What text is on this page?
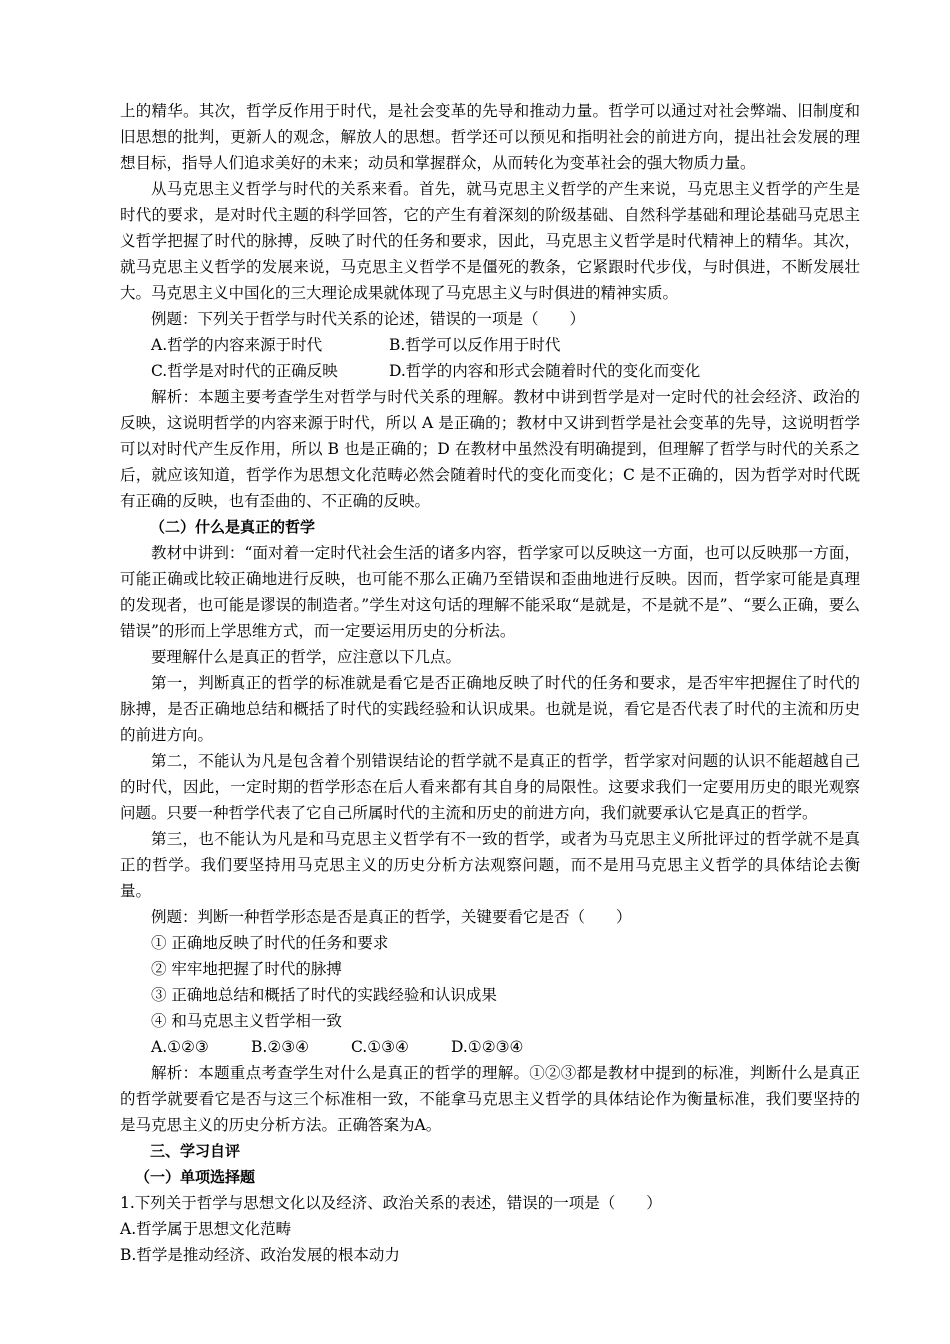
上的精华。其次，哲学反作用于时代，是社会变革的先导和推动力量。哲学可以通过对社会弊端、旧制度和旧思想的批判，更新人的观念，解放人的思想。哲学还可以预见和指明社会的前进方向，提出社会发展的理想目标，指导人们追求美好的未来；动员和掌握群众，从而转化为变革社会的强大物质力量。

从马克思主义哲学与时代的关系来看。首先，就马克思主义哲学的产生来说，马克思主义哲学的产生是时代的要求，是对时代主题的科学回答，它的产生有着深刻的阶级基础、自然科学基础和理论基础马克思主义哲学把握了时代的脉搏，反映了时代的任务和要求，因此，马克思主义哲学是时代精神上的精华。其次，就马克思主义哲学的发展来说，马克思主义哲学不是僵死的教条，它紧跟时代步伐，与时俱进，不断发展壮大。马克思主义中国化的三大理论成果就体现了马克思主义与时俱进的精神实质。

例题：下列关于哲学与时代关系的论述，错误的一项是（　　）

A.哲学的内容来源于时代	B.哲学可以反作用于时代
C.哲学是对时代的正确反映	D.哲学的内容和形式会随着时代的变化而变化

解析：本题主要考查学生对哲学与时代关系的理解。教材中讲到哲学是对一定时代的社会经济、政治的反映，这说明哲学的内容来源于时代，所以 A 是正确的；教材中又讲到哲学是社会变革的先导，这说明哲学可以对时代产生反作用，所以 B 也是正确的；D 在教材中虽然没有明确提到，但理解了哲学与时代的关系之后，就应该知道，哲学作为思想文化范畴必然会随着时代的变化而变化；C 是不正确的，因为哲学对时代既有正确的反映，也有歪曲的、不正确的反映。

（二）什么是真正的哲学

教材中讲到：“面对着一定时代社会生活的诸多内容，哲学家可以反映这一方面，也可以反映那一方面，可能正确或比较正确地进行反映，也可能不那么正确乃至错误和歪曲地进行反映。因而，哲学家可能是真理的发现者，也可能是谬误的制造者。”学生对这句话的理解不能采取“是就是，不是就不是”、“要么正确，要么错误”的形而上学思维方式，而一定要运用历史的分析法。

要理解什么是真正的哲学，应注意以下几点。

第一，判断真正的哲学的标准就是看它是否正确地反映了时代的任务和要求，是否牢牢把握住了时代的脉搏，是否正确地总结和概括了时代的实践经验和认识成果。也就是说，看它是否代表了时代的主流和历史的前进方向。

第二，不能认为凡是包含着个别错误结论的哲学就不是真正的哲学，哲学家对问题的认识不能超越自己的时代，因此，一定时期的哲学形态在后人看来都有其自身的局限性。这要求我们一定要用历史的眼光观察问题。只要一种哲学代表了它自己所属时代的主流和历史的前进方向，我们就要承认它是真正的哲学。

第三，也不能认为凡是和马克思主义哲学有不一致的哲学，或者为马克思主义所批评过的哲学就不是真正的哲学。我们要坚持用马克思主义的历史分析方法观察问题，而不是用马克思主义哲学的具体结论去衡量。

例题：判断一种哲学形态是否是真正的哲学，关键要看它是否（　　）

① 正确地反映了时代的任务和要求

② 牢牢地把握了时代的脉搏

③ 正确地总结和概括了时代的实践经验和认识成果

④ 和马克思主义哲学相一致

A.①②③	B.②③④	C.①③④	D.①②③④

解析：本题重点考查学生对什么是真正的哲学的理解。①②③都是教材中提到的标准，判断什么是真正的哲学就要看它是否与这三个标准相一致，不能拿马克思主义哲学的具体结论作为衡量标准，我们要坚持的是马克思主义的历史分析方法。正确答案为A。

三、学习自评

（一）单项选择题

1.下列关于哲学与思想文化以及经济、政治关系的表述，错误的一项是（　　）

A.哲学属于思想文化范畴

B.哲学是推动经济、政治发展的根本动力
